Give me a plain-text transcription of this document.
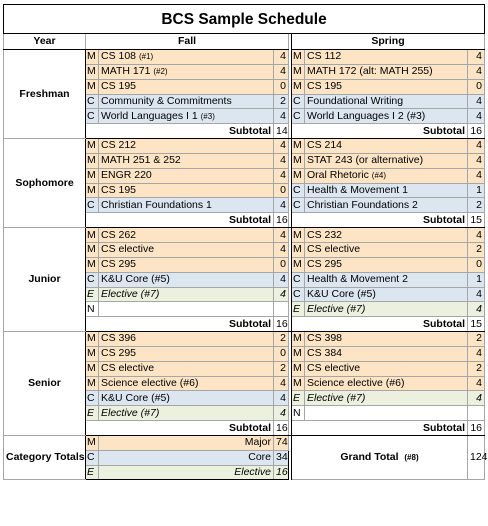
BCS Sample Schedule							
Year	Fall				Spring		
Freshman	M	CS 108 (#1)	4		M	CS 112	4
	M	MATH 171 (#2)	4		M	MATH 172 (alt: MATH 255)	4
	M	CS 195	0		M	CS 195	0
	C	Community & Commitments	2		C	Foundational Writing	4
	C	World Languages I 1 (#3)	4		C	World Languages I 2 (#3)	4
	Subtotal		14		Subtotal		16
Sophomore	M	CS 212	4		M	CS 214	4
	M	MATH 251 & 252	4		M	STAT 243 (or alternative)	4
	M	ENGR 220	4		M	Oral Rhetoric (#4)	4
	M	CS 195	0		C	Health & Movement 1	1
	C	Christian Foundations 1	4		C	Christian Foundations 2	2
	Subtotal		16		Subtotal		15
Junior	M	CS 262	4		M	CS 232	4
	M	CS elective	4		M	CS elective	2
	M	CS 295	0		M	CS 295	0
	C	K&U Core (#5)	4		C	Health & Movement 2	1
	E	Elective (#7)	4		C	K&U Core (#5)	4
	N				E	Elective (#7)	4
	Subtotal		16		Subtotal		15
Senior	M	CS 396	2		M	CS 398	2
	M	CS 295	0		M	CS 384	4
	M	CS elective	2		M	CS elective	2
	M	Science elective (#6)	4		M	Science elective (#6)	4
	C	K&U Core (#5)	4		E	Elective (#7)	4
	E	Elective (#7)	4		N		
	Subtotal		16		Subtotal		16
Category Totals	M	Major	74		Grand Total (#8)		124
	C	Core	34				
	E	Elective	16				
